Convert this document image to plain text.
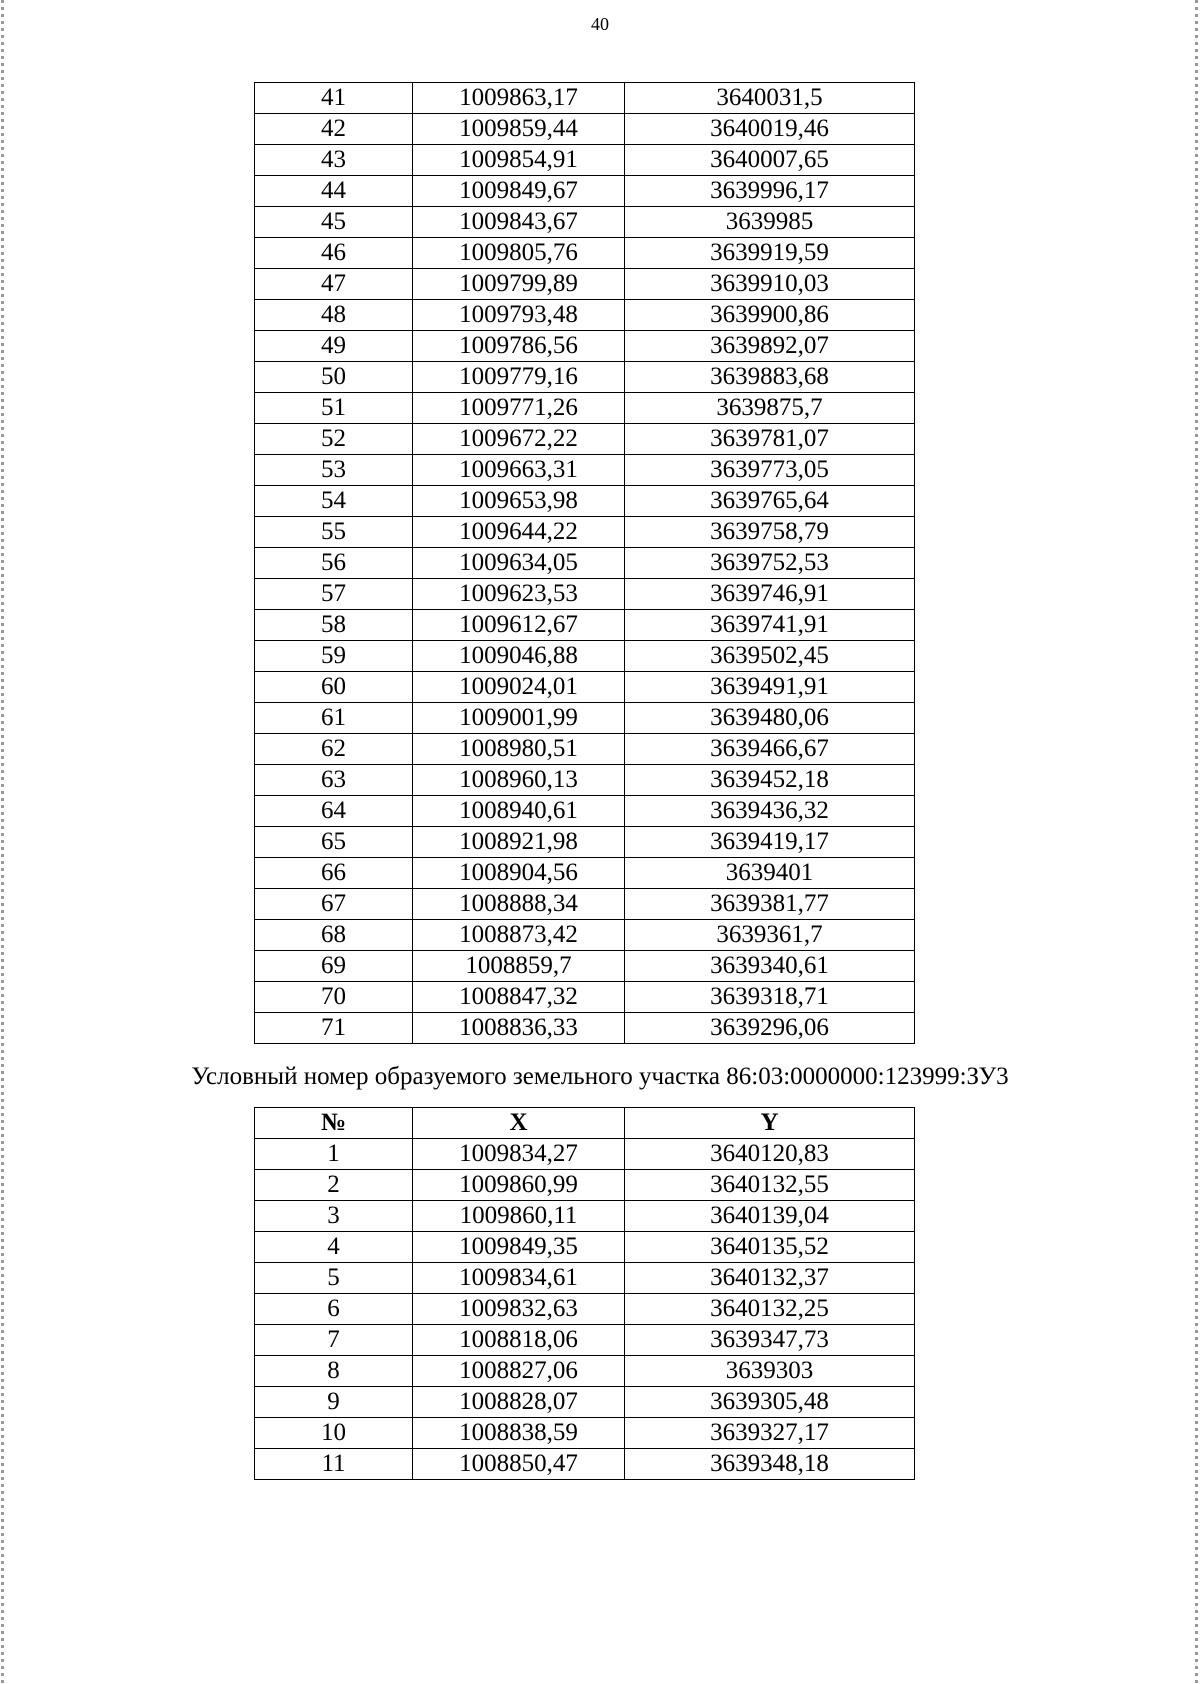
40
41	1009863,17	3640031,5
42	1009859,44	3640019,46
43	1009854,91	3640007,65
44	1009849,67	3639996,17
45	1009843,67	3639985
46	1009805,76	3639919,59
47	1009799,89	3639910,03
48	1009793,48	3639900,86
49	1009786,56	3639892,07
50	1009779,16	3639883,68
51	1009771,26	3639875,7
52	1009672,22	3639781,07
53	1009663,31	3639773,05
54	1009653,98	3639765,64
55	1009644,22	3639758,79
56	1009634,05	3639752,53
57	1009623,53	3639746,91
58	1009612,67	3639741,91
59	1009046,88	3639502,45
60	1009024,01	3639491,91
61	1009001,99	3639480,06
62	1008980,51	3639466,67
63	1008960,13	3639452,18
64	1008940,61	3639436,32
65	1008921,98	3639419,17
66	1008904,56	3639401
67	1008888,34	3639381,77
68	1008873,42	3639361,7
69	1008859,7	3639340,61
70	1008847,32	3639318,71
71	1008836,33	3639296,06
Условный номер образуемого земельного участка 86:03:0000000:123999:ЗУ3
№	X	Y
1	1009834,27	3640120,83
2	1009860,99	3640132,55
3	1009860,11	3640139,04
4	1009849,35	3640135,52
5	1009834,61	3640132,37
6	1009832,63	3640132,25
7	1008818,06	3639347,73
8	1008827,06	3639303
9	1008828,07	3639305,48
10	1008838,59	3639327,17
11	1008850,47	3639348,18
